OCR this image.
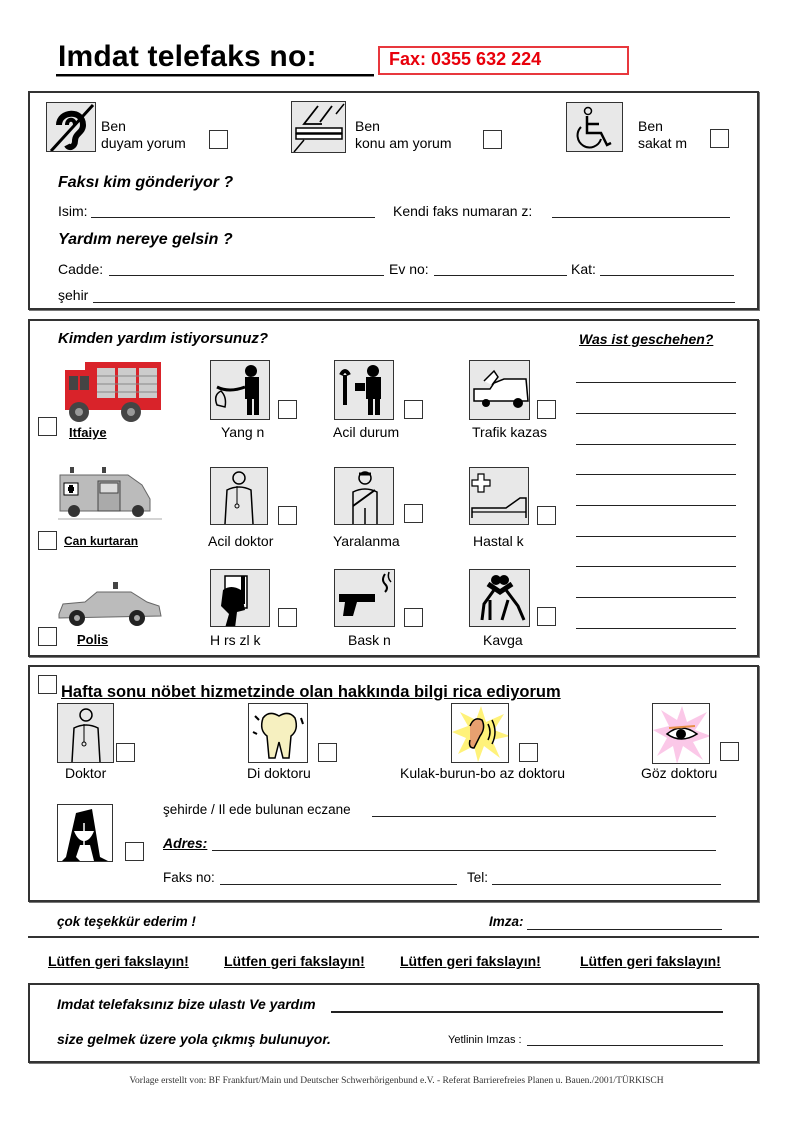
Imdat telefaks no:	Fax: 0355 632 224
Ben
duyam yorum
Ben
konu am yorum
Ben
sakat m
Faksı kim gönderiyor ?
Isim:	Kendi faks numaran z:
Yardım nereye gelsin ?
Cadde:	Ev no:	Kat:
şehir
Kimden yardım istiyorsunuz?	Was ist geschehen?
Itfaiye	Yang n	Acil durum	Trafik kazas
Can kurtaran	Acil doktor	Yaralanma	Hastal k
Polis	H rs zl k	Bask n	Kavga
Hafta sonu nöbet hizmetzinde olan hakkında bilgi rica ediyorum
Doktor	Di doktoru	Kulak-burun-bo az doktoru	Göz doktoru
şehirde / Il ede bulunan eczane
Adres:
Faks no:	Tel:
çok teşekkür ederim !	Imza:
Lütfen geri fakslayın!	Lütfen geri fakslayın!	Lütfen geri fakslayın!	Lütfen geri fakslayın!
Imdat telefaksınız bize ulastı Ve yardım
size gelmek üzere yola çıkmış bulunuyor.	Yetlinin Imzas :
Vorlage erstellt von: BF Frankfurt/Main und Deutscher Schwerhörigenbund e.V. - Referat Barrierefreies Planen u. Bauen./2001/TÜRKISCH
